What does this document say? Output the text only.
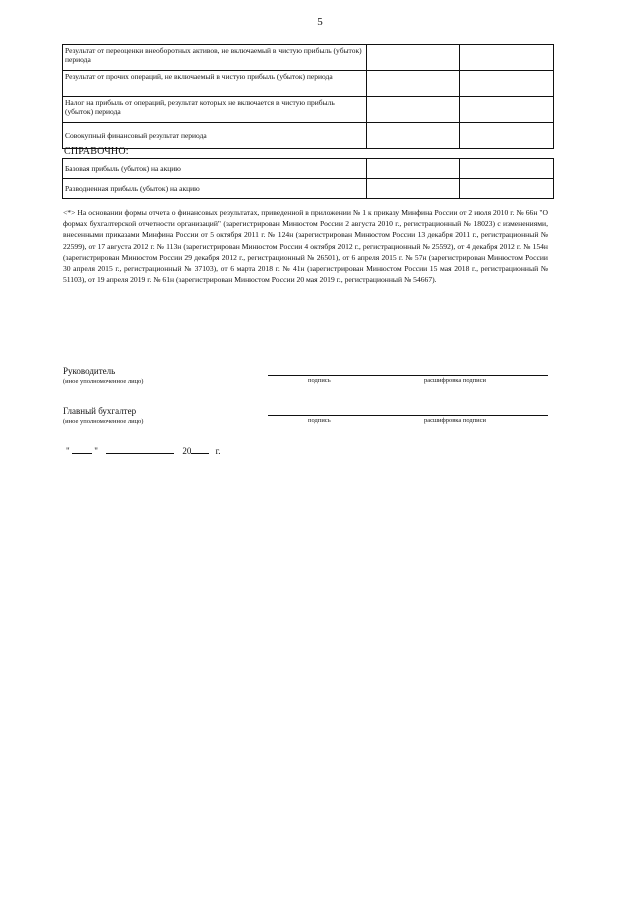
5
Результат от переоценки внеоборотных активов, не включаемый в чистую прибыль (убыток) периода		
Результат от прочих операций, не включаемый в чистую прибыль (убыток) периода		
Налог на прибыль от операций, результат которых не включается в чистую прибыль (убыток) периода		
Совокупный финансовый результат периода		
СПРАВОЧНО:
Базовая прибыль (убыток) на акцию		
Разводненная прибыль (убыток) на акцию		
<*> На основании формы отчета о финансовых результатах, приведенной в приложении № 1 к приказу Минфина России от 2 июля 2010 г. № 66н "О формах бухгалтерской отчетности организаций" (зарегистрирован Минюстом России 2 августа 2010 г., регистрационный № 18023) с изменениями, внесенными приказами Минфина России от 5 октября 2011 г. № 124н (зарегистрирован Минюстом России 13 декабря 2011 г., регистрационный № 22599), от 17 августа 2012 г. № 113н (зарегистрирован Минюстом России 4 октября 2012 г., регистрационный № 25592), от 4 декабря 2012 г. № 154н (зарегистрирован Минюстом России 29 декабря 2012 г., регистрационный № 26501), от 6 апреля 2015 г. № 57н (зарегистрирован Минюстом России 30 апреля 2015 г., регистрационный № 37103), от 6 марта 2018 г. № 41н (зарегистрирован Минюстом России 15 мая 2018 г., регистрационный № 51103), от 19 апреля 2019 г. № 61н (зарегистрирован Минюстом России 20 мая 2019 г., регистрационный № 54667).
Руководитель
(иное уполномоченное лицо)	подпись	расшифровка подписи
Главный бухгалтер
(иное уполномоченное лицо)	подпись	расшифровка подписи
"	"	20	г.
